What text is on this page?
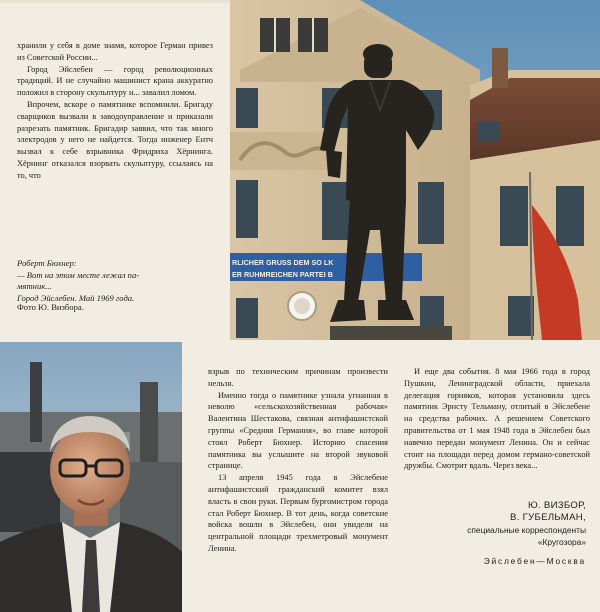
хранили у себя в доме знамя, которое Герман привез из Советской России...

Город Эйслебен — город революционных традиций. И не случайно машинист крана аккуратно положил в сторону скульптуру и... завалил ломом.

Впрочем, вскоре о памятнике вспомнили. Бригаду сварщиков вызвали в заводоуправление и приказали разрезать памятник. Бригадир заявил, что так много электродов у него не найдется. Тогда инженер Ентч вызвал к себе взрывника Фридриха Хёрнинга. Хёрнинг отказался взорвать скульптуру, ссылаясь на то, что

Роберт Бюхнер:
— Вот на этом месте лежал па-
мятник...
Город Эйслебен. Май 1969 года.
Фото Ю. Визбора.
RLICHER GRUSS DEM SO LK
ER RUHMREICHEN PARTEI B

взрыв по техническим причинам произвести нельзя.

Именно тогда о памятнике узнала угнанная в неволю «сельскохозяйственная рабочая» Валентина Шестакова, связная антифашистской группы «Средняя Германия», во главе которой стоял Роберт Бюхнер. Историю спасения памятника вы услышите на второй звуковой странице.

13 апреля 1945 года в Эйслебене антифашистский гражданский комитет взял власть в свои руки. Первым бургомистром города стал Роберт Бюхнер. В тот день, когда советские войска вошли в Эйслебен, они увидели на центральной площади трехметровый монумент Ленина.

И еще два события. 8 мая 1966 года в город Пушкин, Ленинградской области, приехала делегация горняков, которая установила здесь памятник Эрнсту Тельману, отлитый в Эйслебене на средства рабочих. А решением Советского правительства от 1 мая 1948 года в Эйслебен был навечно передан монумент Ленина. Он и сейчас стоит на площади перед домом германо-советской дружбы. Смотрит вдаль. Через века...

Ю. ВИЗБОР,
В. ГУБЕЛЬМАН,
специальные корреспонденты
«Кругозора»
Эйслебен—Москва
